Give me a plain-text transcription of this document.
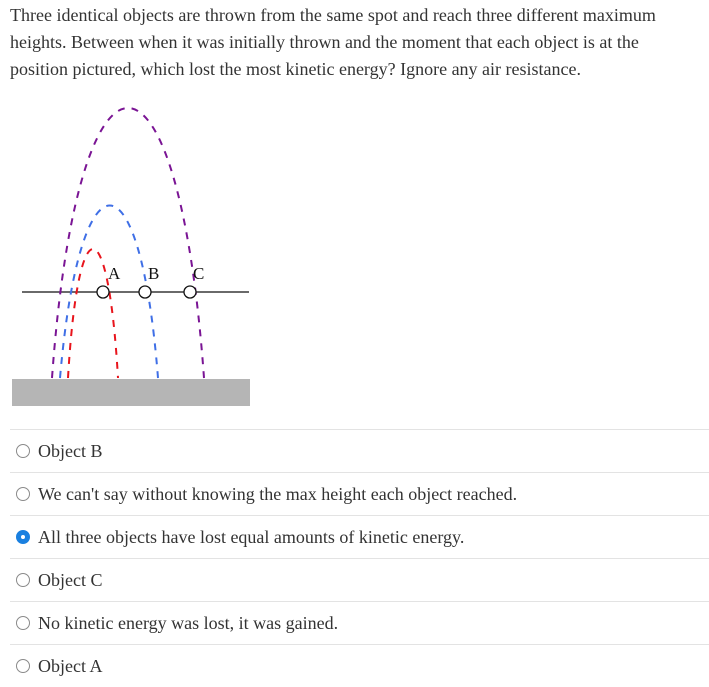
Three identical objects are thrown from the same spot and reach three different maximum heights. Between when it was initially thrown and the moment that each object is at the position pictured, which lost the most kinetic energy? Ignore any air resistance.

A B C
Object B
We can't say without knowing the max height each object reached.
All three objects have lost equal amounts of kinetic energy.
Object C
No kinetic energy was lost, it was gained.
Object A
